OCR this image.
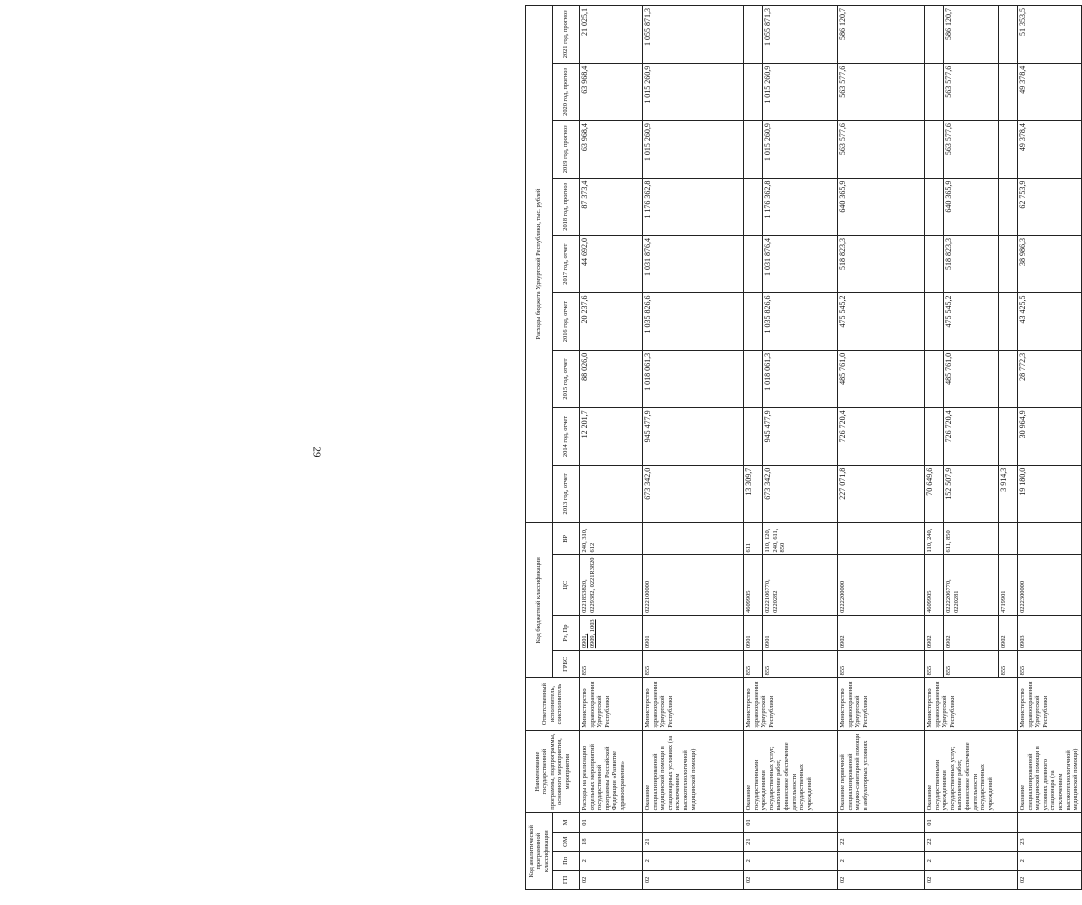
29
Код аналитической программной классификации				Наименование государственной программы, подпрограммы, основного мероприятия, мероприятия	Ответственный исполнитель, соисполнитель	Код бюджетной классификации				Расходы бюджета Удмуртской Республики, тыс. рублей								
ГП	Пп	ОМ	М			ГРБС	Рз, Пр	ЦС	ВР	2013 год, отчет	2014 год, отчет	2015 год, отчет	2016 год, отчет	2017 год, отчет	2018 год, прогноз	2019 год, прогноз	2020 год, прогноз	2021 год, прогноз

02	2	18	01	Расходы на реализацию отдельных мероприятий государственной программы Российской Федерации «Развитие здравоохранения»	Министерство здравоохранения Удмуртской Республики	855	0901, 0909, 1003	0221853820, 0229382, 0221R3820	240, 310, 612		12 201,7	88 026,0	20 237,6	44 692,0	87 373,4	63 968,4	63 968,4	21 025,1
02	2	21		Оказание специализированной медицинской помощи в стационарных условиях (за исключением высокотехнологичной медицинской помощи)	Министерство здравоохранения Удмуртской Республики	855	0901	0222100000		673 342,0	945 477,9	1 018 061,3	1 035 826,6	1 031 876,4	1 176 362,8	1 015 260,9	1 015 260,9	1 055 871,3
02	2	21	01	Оказание государственными учреждениями государственных услуг, выполнение работ, финансовое обеспечение деятельности государственных учреждений	Министерство здравоохранения Удмуртской Республики	855	0901	4609905	611	13 309,7								
						855	0901	0222106770, 0220282	110, 120, 240, 611, 850	673 342,0	945 477,9	1 018 061,3	1 035 826,6	1 031 876,4	1 176 362,8	1 015 260,9	1 015 260,9	1 055 871,3
02	2	22		Оказание первичной специализированной медико-санитарной помощи в амбулаторных условиях	Министерство здравоохранения Удмуртской Республики	855	0902	0222200000		227 071,8	726 720,4	485 761,0	475 545,2	518 823,3	640 365,9	563 577,6	563 577,6	586 120,7
02	2	22	01	Оказание государственными учреждениями государственных услуг, выполнение работ, финансовое обеспечение деятельности государственных учреждений	Министерство здравоохранения Удмуртской Республики	855	0902	4609905	110, 240,	70 649,6								
						855	0902	0222206770, 0220281	611, 850	152 507,9	726 720,4	485 761,0	475 545,2	518 823,3	640 365,9	563 577,6	563 577,6	586 120,7
						855	0902	4719901		3 914,3								
02	2	23		Оказание специализированной медицинской помощи в условиях дневного стационара (за исключением высокотехнологичной медицинской помощи)	Министерство здравоохранения Удмуртской Республики	855	0903	0222300000		19 180,0	30 964,9	28 772,3	43 425,5	38 986,3	62 753,9	49 378,4	49 378,4	51 353,5
